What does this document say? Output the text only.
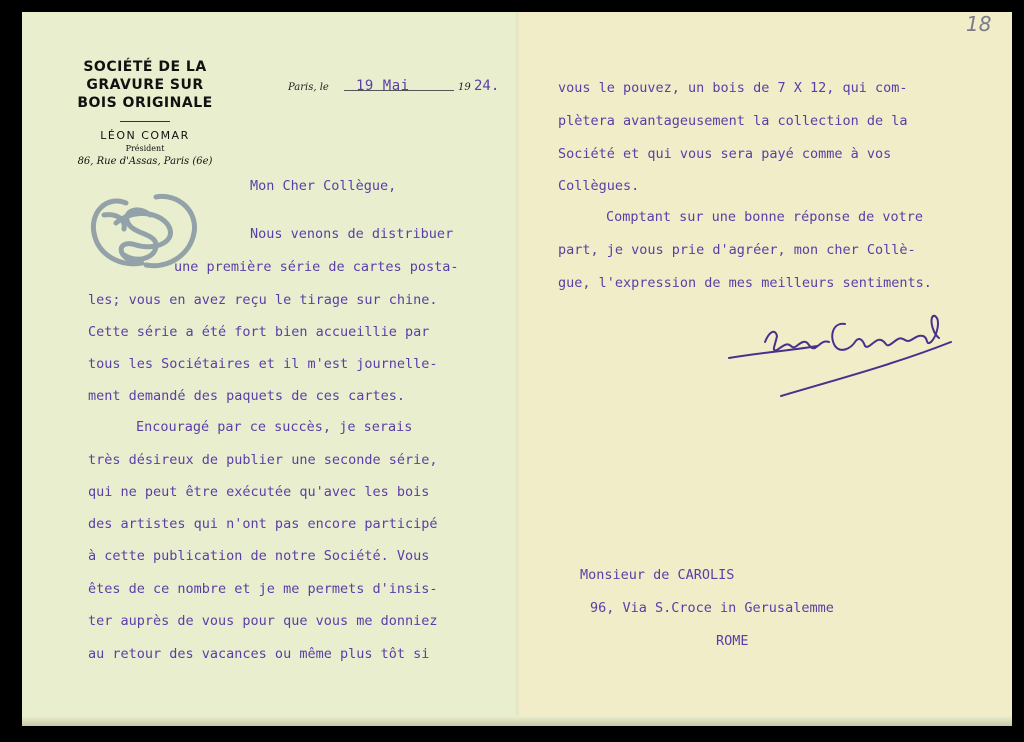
18
SOCIÉTÉ DE LA
GRAVURE SUR
BOIS ORIGINALE
LÉON COMAR
Président
86, Rue d'Assas, Paris (6e)
Paris, le 19 Mai	19 24.
Mon Cher Collègue,
Nous venons de distribuer
une première série de cartes posta-
les; vous en avez reçu le tirage sur chine.
Cette série a été fort bien accueillie par
tous les Sociétaires et il m'est journelle-
ment demandé des paquets de ces cartes.
Encouragé par ce succès, je serais
très désireux de publier une seconde série,
qui ne peut être exécutée qu'avec les bois
des artistes qui n'ont pas encore participé
à cette publication de notre Société. Vous
êtes de ce nombre et je me permets d'insis-
ter auprès de vous pour que vous me donniez
au retour des vacances ou même plus tôt si
vous le pouvez, un bois de 7 X 12, qui com-
plètera avantageusement la collection de la
Société et qui vous sera payé comme à vos
Collègues.
Comptant sur une bonne réponse de votre
part, je vous prie d'agréer, mon cher Collè-
gue, l'expression de mes meilleurs sentiments.
Monsieur de CAROLIS
96, Via S.Croce in Gerusalemme
ROME
